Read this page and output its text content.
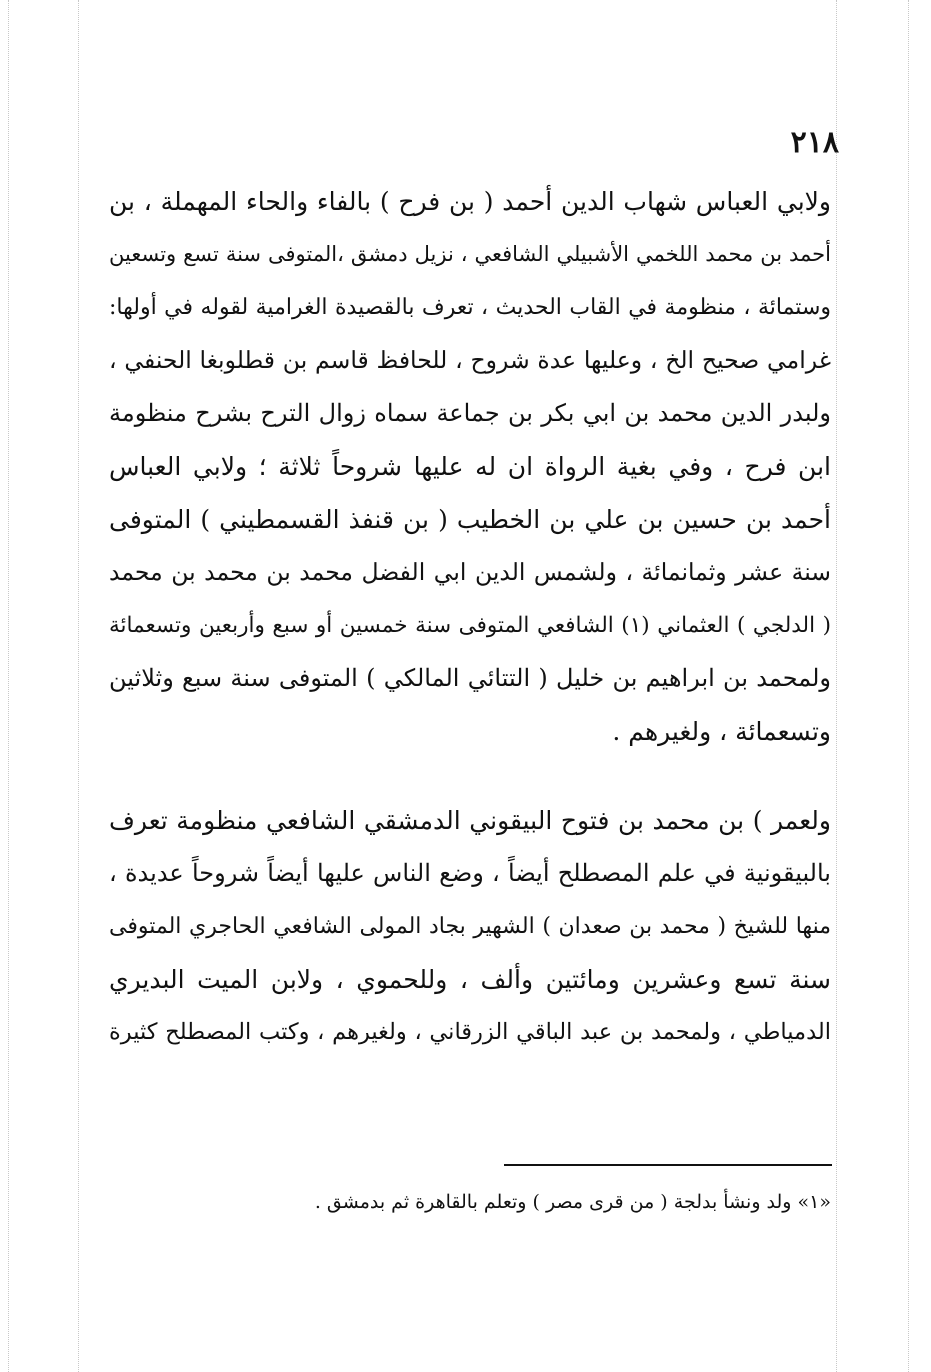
٢١٨
ولابي العباس شهاب الدين أحمد ( بن فرح ) بالفاء والحاء المهملة ، بن
أحمد بن محمد اللخمي الأشبيلي الشافعي ، نزيل دمشق ،المتوفى سنة تسع وتسعين
وستمائة ، منظومة في القاب الحديث ، تعرف بالقصيدة الغرامية لقوله في أولها:
غرامي صحيح الخ ، وعليها عدة شروح ، للحافظ قاسم بن قطلوبغا الحنفي ،
ولبدر الدين محمد بن ابي بكر بن جماعة سماه زوال الترح بشرح منظومة
ابن فرح ، وفي بغية الرواة ان له عليها شروحاً ثلاثة ؛ ولابي العباس
أحمد بن حسين بن علي بن الخطيب ( بن قنفذ القسمطيني ) المتوفى
سنة عشر وثمانمائة ، ولشمس الدين ابي الفضل محمد بن محمد بن محمد
( الدلجي ) العثماني (١) الشافعي المتوفى سنة خمسين أو سبع وأربعين وتسعمائة
ولمحمد بن ابراهيم بن خليل ( التتائي المالكي ) المتوفى سنة سبع وثلاثين
وتسعمائة ، ولغيرهم .
ولعمر ) بن محمد بن فتوح البيقوني الدمشقي الشافعي منظومة تعرف
بالبيقونية في علم المصطلح أيضاً ، وضع الناس عليها أيضاً شروحاً عديدة ،
منها للشيخ ( محمد بن صعدان ) الشهير بجاد المولى الشافعي الحاجري المتوفى
سنة تسع وعشرين ومائتين وألف ، وللحموي ، ولابن الميت البديري
الدمياطي ، ولمحمد بن عبد الباقي الزرقاني ، ولغيرهم ، وكتب المصطلح كثيرة
«١» ولد ونشأ بدلجة ( من قرى مصر ) وتعلم بالقاهرة ثم بدمشق .
